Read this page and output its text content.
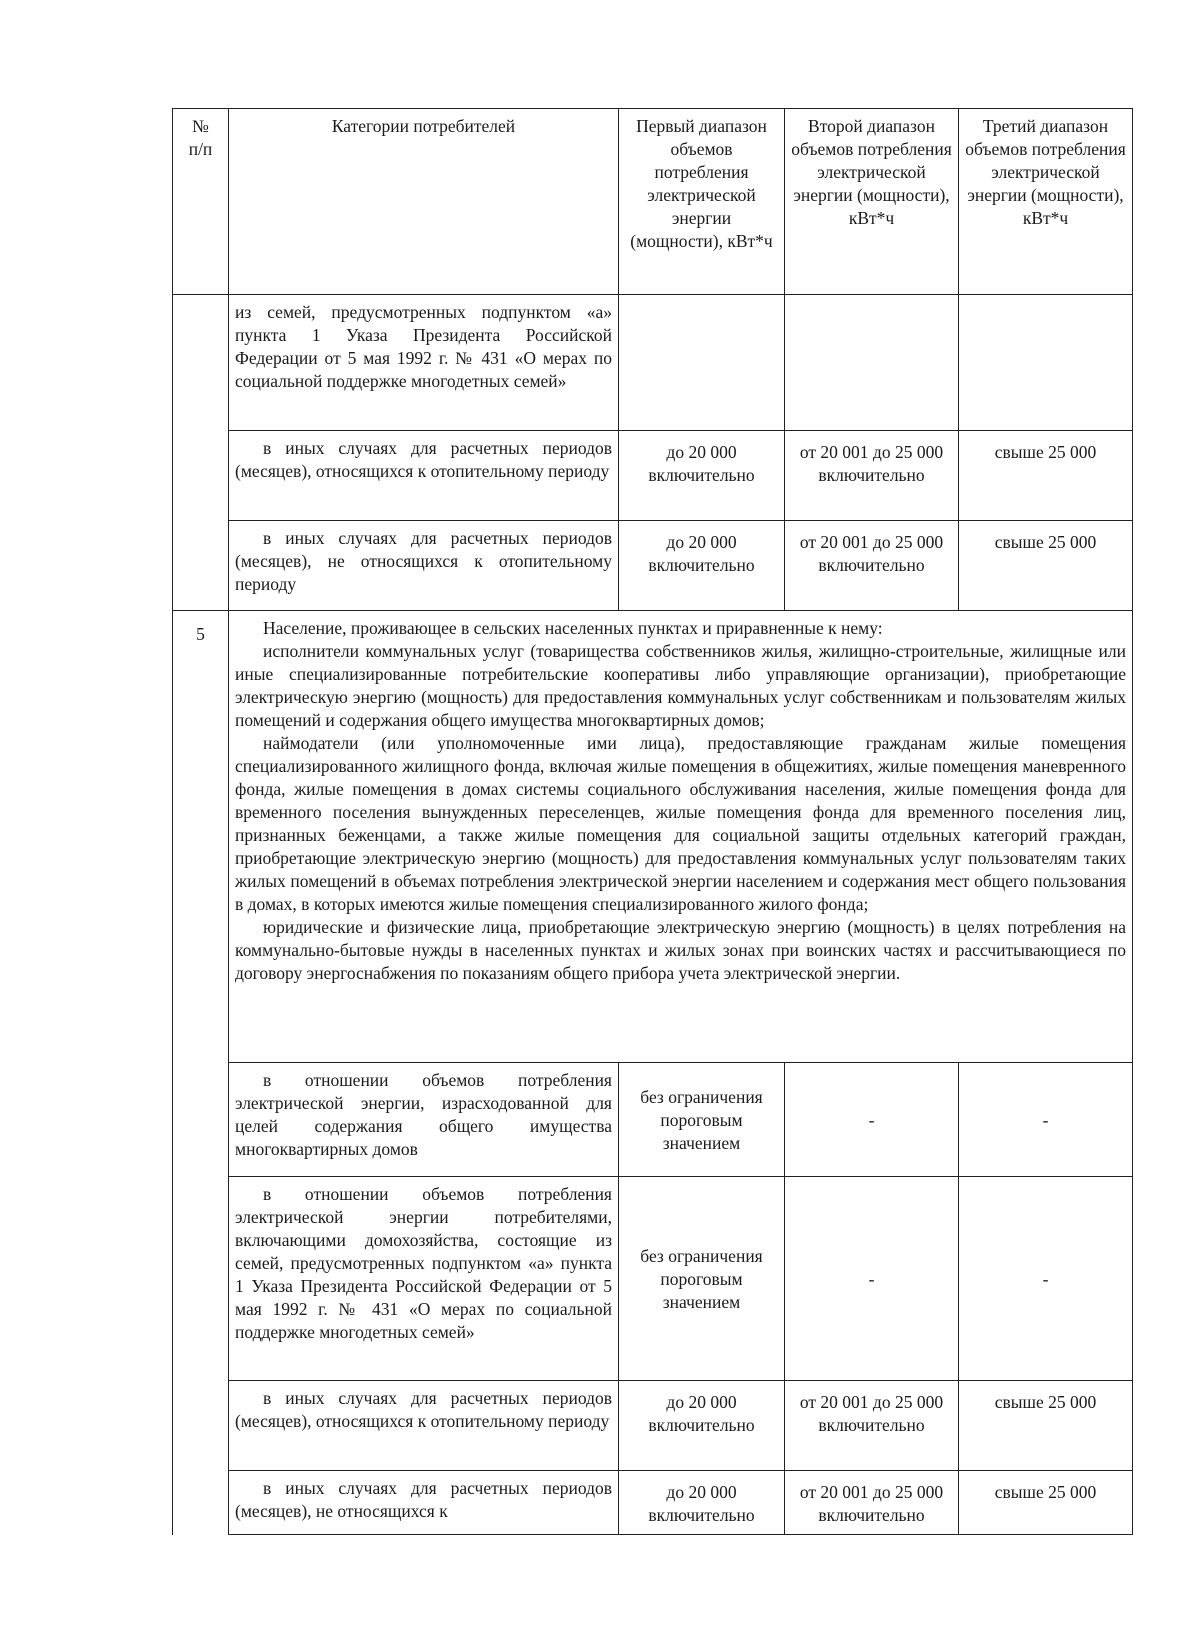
№
п/п	Категории потребителей	Первый диапазон объемов потребления электрической энергии (мощности), кВт*ч	Второй диапазон объемов потребления электрической энергии (мощности), кВт*ч	Третий диапазон объемов потребления электрической энергии (мощности), кВт*ч
	из семей, предусмотренных подпунктом «а» пункта 1 Указа Президента Российской Федерации от 5 мая 1992 г. № 431 «О мерах по социальной поддержке многодетных семей»			
	в иных случаях для расчетных периодов (месяцев), относящихся к отопительному периоду	до 20 000 включительно	от 20 001 до 25 000 включительно	свыше 25 000
	в иных случаях для расчетных периодов (месяцев), не относящихся к отопительному периоду	до 20 000 включительно	от 20 001 до 25 000 включительно	свыше 25 000
5	Население, проживающее в сельских населенных пунктах и приравненные к нему:

исполнители коммунальных услуг (товарищества собственников жилья, жилищно-строительные, жилищные или иные специализированные потребительские кооперативы либо управляющие организации), приобретающие электрическую энергию (мощность) для предоставления коммунальных услуг собственникам и пользователям жилых помещений и содержания общего имущества многоквартирных домов;

наймодатели (или уполномоченные ими лица), предоставляющие гражданам жилые помещения специализированного жилищного фонда, включая жилые помещения в общежитиях, жилые помещения маневренного фонда, жилые помещения в домах системы социального обслуживания населения, жилые помещения фонда для временного поселения вынужденных переселенцев, жилые помещения фонда для временного поселения лиц, признанных беженцами, а также жилые помещения для социальной защиты отдельных категорий граждан, приобретающие электрическую энергию (мощность) для предоставления коммунальных услуг пользователям таких жилых помещений в объемах потребления электрической энергии населением и содержания мест общего пользования в домах, в которых имеются жилые помещения специализированного жилого фонда;

юридические и физические лица, приобретающие электрическую энергию (мощность) в целях потребления на коммунально-бытовые нужды в населенных пунктах и жилых зонах при воинских частях и рассчитывающиеся по договору энергоснабжения по показаниям общего прибора учета электрической энергии.			

	в отношении объемов потребления электрической энергии, израсходованной для целей содержания общего имущества многоквартирных домов	без ограничения пороговым значением	-	-
	в отношении объемов потребления электрической энергии потребителями, включающими домохозяйства, состоящие из семей, предусмотренных подпунктом «а» пункта 1 Указа Президента Российской Федерации от 5 мая 1992 г. № 431 «О мерах по социальной поддержке многодетных семей»	без ограничения пороговым значением	-	-
	в иных случаях для расчетных периодов (месяцев), относящихся к отопительному периоду	до 20 000 включительно	от 20 001 до 25 000 включительно	свыше 25 000
	в иных случаях для расчетных периодов (месяцев), не относящихся к	до 20 000 включительно	от 20 001 до 25 000 включительно	свыше 25 000
